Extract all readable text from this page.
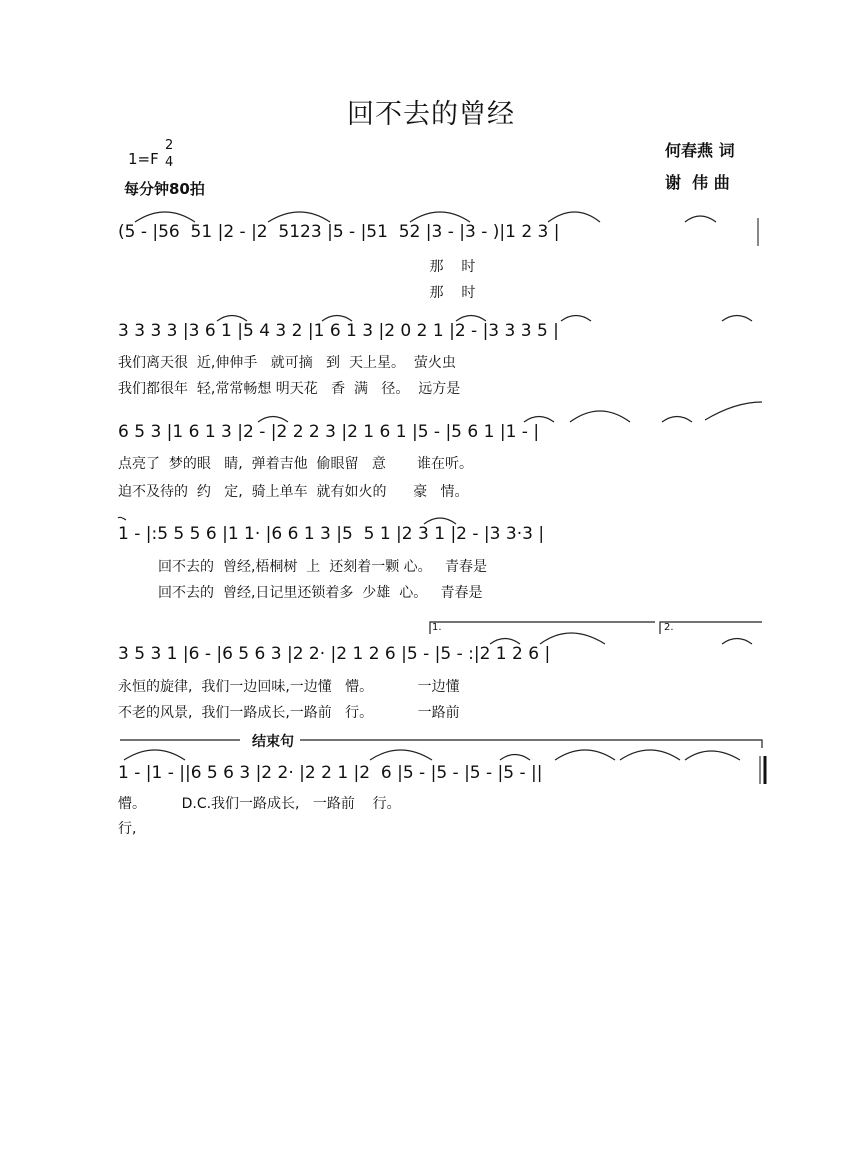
回不去的曾经
1=F
2
4
每分钟80拍
何春燕 词
谢  伟 曲
(5 - |56  51 |2 - |2  5123 |5 - |51  52 |3 - |3 - )|1 2 3 |
那    时
那    时
3 3 3 3 |3 6 1 |5 4 3 2 |1 6 1 3 |2 0 2 1 |2 - |3 3 3 5 |
我们离天很  近,伸伸手   就可摘   到  天上星。  萤火虫
我们都很年  轻,常常畅想 明天花   香  满   径。  远方是
6 5 3 |1 6 1 3 |2 - |2 2 2 3 |2 1 6 1 |5 - |5 6 1 |1 - |
点亮了  梦的眼   睛,  弹着吉他  偷眼留   意       谁在听。
迫不及待的  约   定,  骑上单车  就有如火的      豪   情。
1 - |:5 5 5 6 |1 1· |6 6 1 3 |5  5 1 |2 3 1 |2 - |3 3·3 |
回不去的  曾经,梧桐树  上  还刻着一颗 心。   青春是
回不去的  曾经,日记里还锁着多  少雄  心。   青春是
1.	2.
3 5 3 1 |6 - |6 5 6 3 |2 2· |2 1 2 6 |5 - |5 - :|2 1 2 6 |
永恒的旋律,  我们一边回味,一边懂   懵。          一边懂
不老的风景,  我们一路成长,一路前   行。          一路前
结束句
1 - |1 - ||6 5 6 3 |2 2· |2 2 1 |2  6 |5 - |5 - |5 - |5 - ||
懵。        D.C.我们一路成长,   一路前    行。
行,
